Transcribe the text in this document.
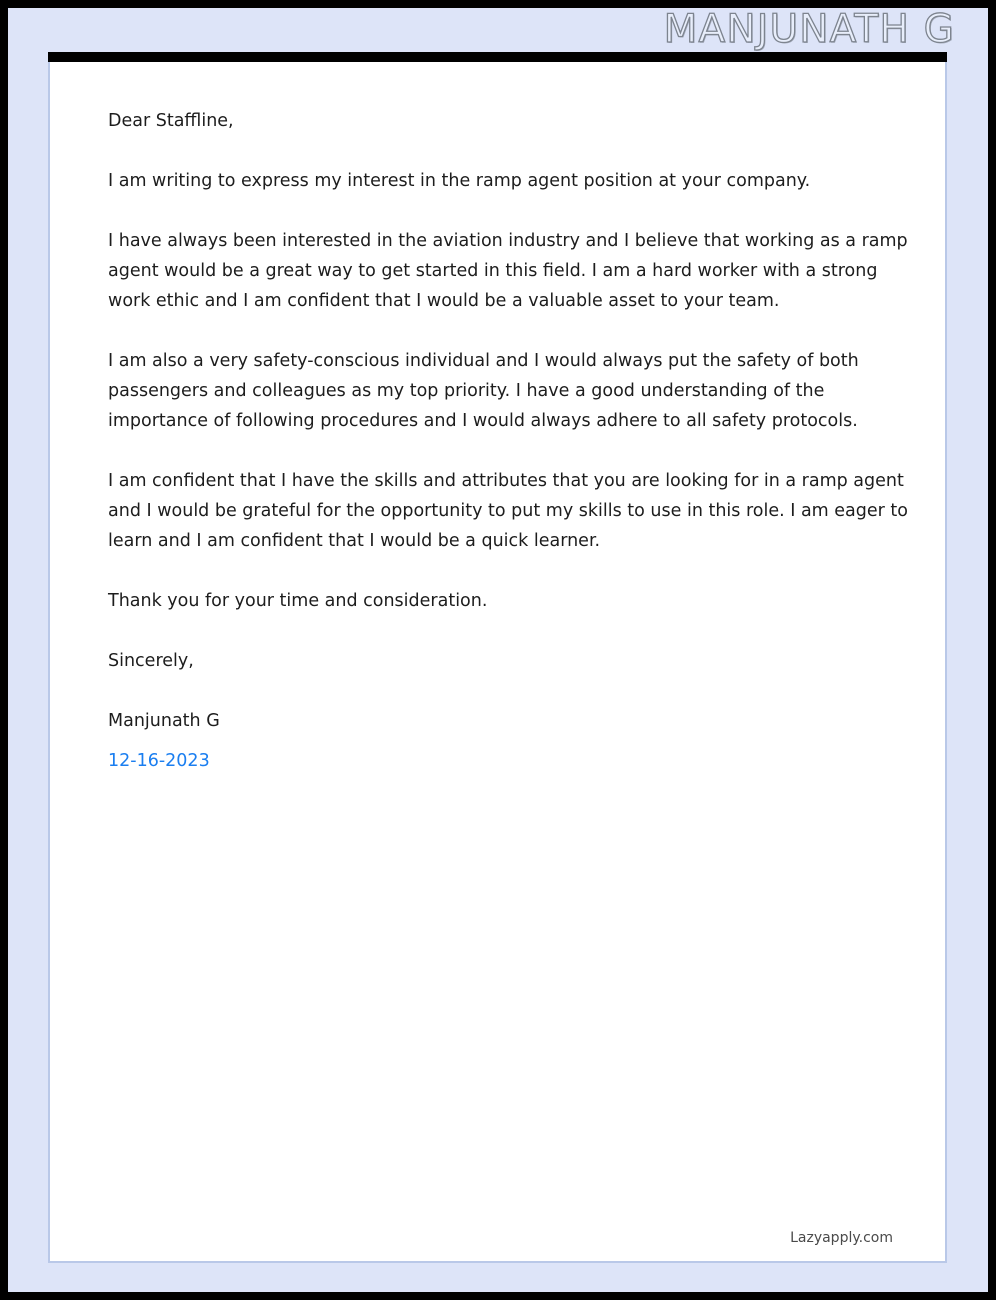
MANJUNATH G
Dear Staffline,
I am writing to express my interest in the ramp agent position at your company.
I have always been interested in the aviation industry and I believe that working as a ramp agent would be a great way to get started in this field. I am a hard worker with a strong work ethic and I am confident that I would be a valuable asset to your team.
I am also a very safety-conscious individual and I would always put the safety of both passengers and colleagues as my top priority. I have a good understanding of the importance of following procedures and I would always adhere to all safety protocols.
I am confident that I have the skills and attributes that you are looking for in a ramp agent and I would be grateful for the opportunity to put my skills to use in this role. I am eager to learn and I am confident that I would be a quick learner.
Thank you for your time and consideration.
Sincerely,
Manjunath G
12-16-2023
Lazyapply.com
